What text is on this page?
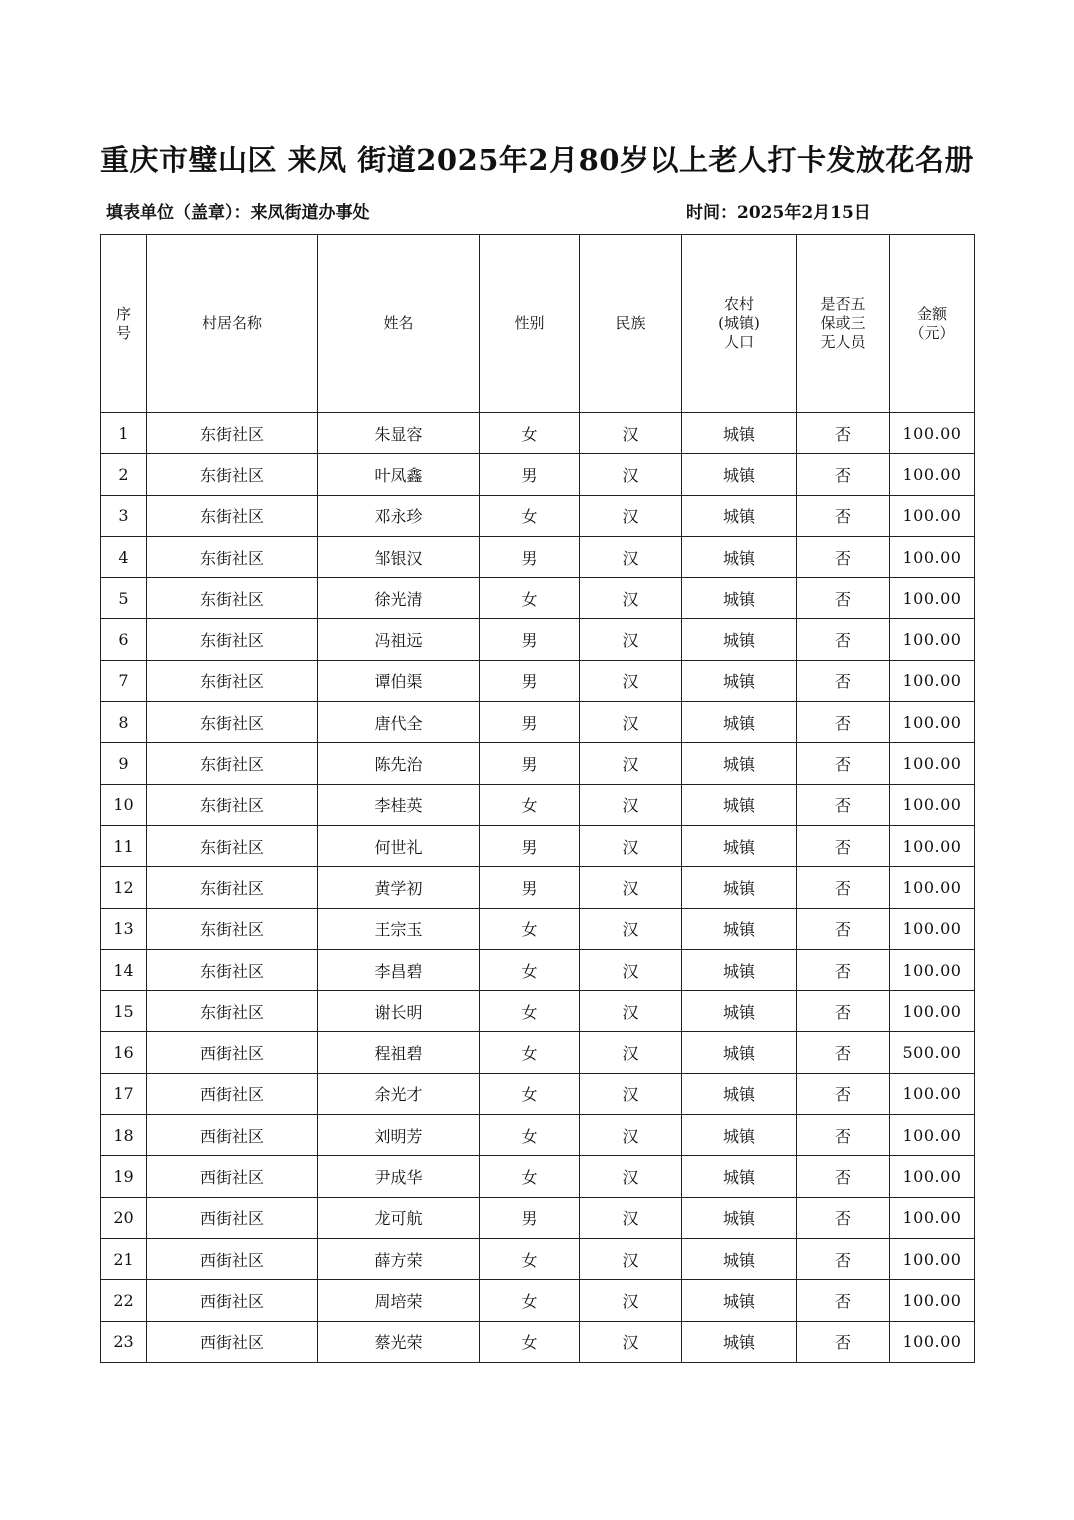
重庆市璧山区 来凤 街道2025年2月80岁以上老人打卡发放花名册
填表单位（盖章）：来凤街道办事处	时间：2025年2月15日
序
号	村居名称	姓名	性别	民族	农村
(城镇)
人口	是否五
保或三
无人员	金额
（元）
1	东街社区	朱显容	女	汉	城镇	否	100.00
2	东街社区	叶凤鑫	男	汉	城镇	否	100.00
3	东街社区	邓永珍	女	汉	城镇	否	100.00
4	东街社区	邹银汉	男	汉	城镇	否	100.00
5	东街社区	徐光清	女	汉	城镇	否	100.00
6	东街社区	冯祖远	男	汉	城镇	否	100.00
7	东街社区	谭伯渠	男	汉	城镇	否	100.00
8	东街社区	唐代全	男	汉	城镇	否	100.00
9	东街社区	陈先治	男	汉	城镇	否	100.00
10	东街社区	李桂英	女	汉	城镇	否	100.00
11	东街社区	何世礼	男	汉	城镇	否	100.00
12	东街社区	黄学初	男	汉	城镇	否	100.00
13	东街社区	王宗玉	女	汉	城镇	否	100.00
14	东街社区	李昌碧	女	汉	城镇	否	100.00
15	东街社区	谢长明	女	汉	城镇	否	100.00
16	西街社区	程祖碧	女	汉	城镇	否	500.00
17	西街社区	余光才	女	汉	城镇	否	100.00
18	西街社区	刘明芳	女	汉	城镇	否	100.00
19	西街社区	尹成华	女	汉	城镇	否	100.00
20	西街社区	龙可航	男	汉	城镇	否	100.00
21	西街社区	薛方荣	女	汉	城镇	否	100.00
22	西街社区	周培荣	女	汉	城镇	否	100.00
23	西街社区	蔡光荣	女	汉	城镇	否	100.00
